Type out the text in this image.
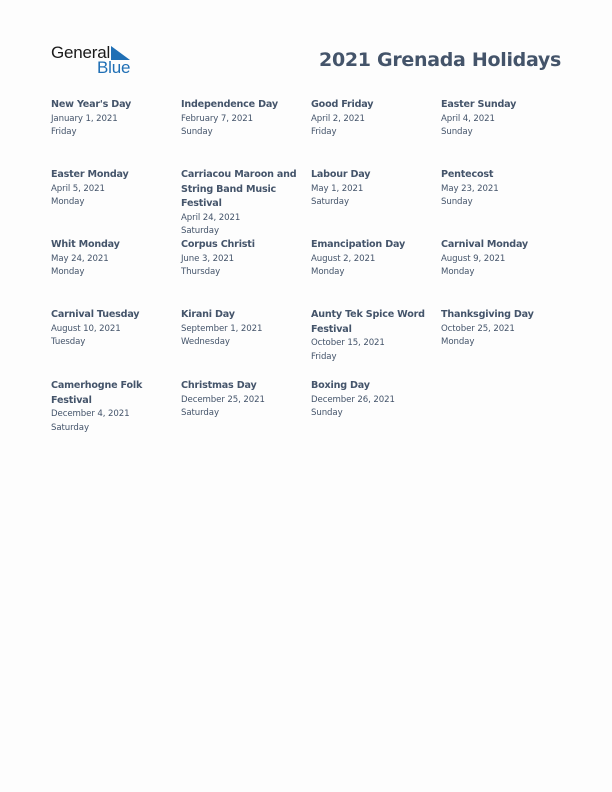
General
Blue	2021 Grenada Holidays
New Year's Day
January 1, 2021
Friday
Independence Day
February 7, 2021
Sunday
Good Friday
April 2, 2021
Friday
Easter Sunday
April 4, 2021
Sunday
Easter Monday
April 5, 2021
Monday
Carriacou Maroon and String Band Music Festival
April 24, 2021
Saturday
Labour Day
May 1, 2021
Saturday
Pentecost
May 23, 2021
Sunday
Whit Monday
May 24, 2021
Monday
Corpus Christi
June 3, 2021
Thursday
Emancipation Day
August 2, 2021
Monday
Carnival Monday
August 9, 2021
Monday
Carnival Tuesday
August 10, 2021
Tuesday
Kirani Day
September 1, 2021
Wednesday
Aunty Tek Spice Word Festival
October 15, 2021
Friday
Thanksgiving Day
October 25, 2021
Monday
Camerhogne Folk Festival
December 4, 2021
Saturday
Christmas Day
December 25, 2021
Saturday
Boxing Day
December 26, 2021
Sunday
